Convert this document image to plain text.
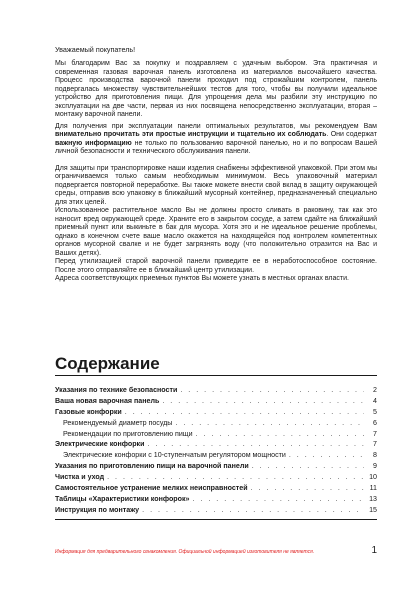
Уважаемый покупатель!

Мы благодарим Вас за покупку и поздравляем с удачным выбором. Эта практичная и современная газовая варочная панель изготовлена из материалов высочайшего качества. Процесс производства варочной панели проходил под строжайшим контролем, панель подвергалась множеству чувствительнейших тестов для того, чтобы вы получили идеальное устройство для приготовления пищи. Для упрощения дела мы разбили эту инструкцию по эксплуатации на две части, первая из них посвящена непосредственно эксплуатации, вторая – монтажу варочной панели.

Для получения при эксплуатации панели оптимальных результатов, мы рекомендуем Вам внимательно прочитать эти простые инструкции и тщательно их соблюдать. Они содержат важную информацию не только по пользованию варочной панелью, но и по вопросам Вашей личной безопасности и технического обслуживания панели.

Для защиты при транспортировке наши изделия снабжены эффективной упаковкой. При этом мы ограничиваемся только самым необходимым минимумом. Весь упаковочный материал подвергается повторной переработке. Вы также можете внести свой вклад в защиту окружающей среды, отправив всю упаковку в ближайший мусорный контейнер, предназначенный специально для этих целей.

Использованное растительное масло Вы не должны просто сливать в раковину, так как это наносит вред окружающей среде. Храните его в закрытом сосуде, а затем сдайте на ближайший приемный пункт или выкиньте в бак для мусора. Хотя это и не идеальное решение проблемы, однако в конечном счете ваше масло окажется на находящейся под контролем компетентных органов мусорной свалке и не будет загрязнять воду (что положительно отразится на Вас и Ваших детях).

Перед утилизацией старой варочной панели приведите ее в неработоспособное состояние. После этого отправляйте ее в ближайший центр утилизации.

Адреса соответствующих приемных пунктов Вы можете узнать в местных органах власти.

Содержание
Указания по технике безопасности . . .	2
Ваша новая варочная панель . . .	4
Газовые конфорки . . .	5
Рекомендуемый диаметр посуды . . .	6
Рекомендации по приготовлению пищи . . .	7
Электрические конфорки . . .	7
Электрические конфорки с 10-ступенчатым регулятором мощности . . .	8
Указания по приготовлению пищи на варочной панели . . .	9
Чистка и уход . . .	10
Самостоятельное устранение мелких неисправностей . . .	11
Таблицы «Характеристики конфорок» . . .	13
Инструкция по монтажу . . .	15
Информация для предварительного ознакомления. Официальной информацией изготовителя не является.	1
